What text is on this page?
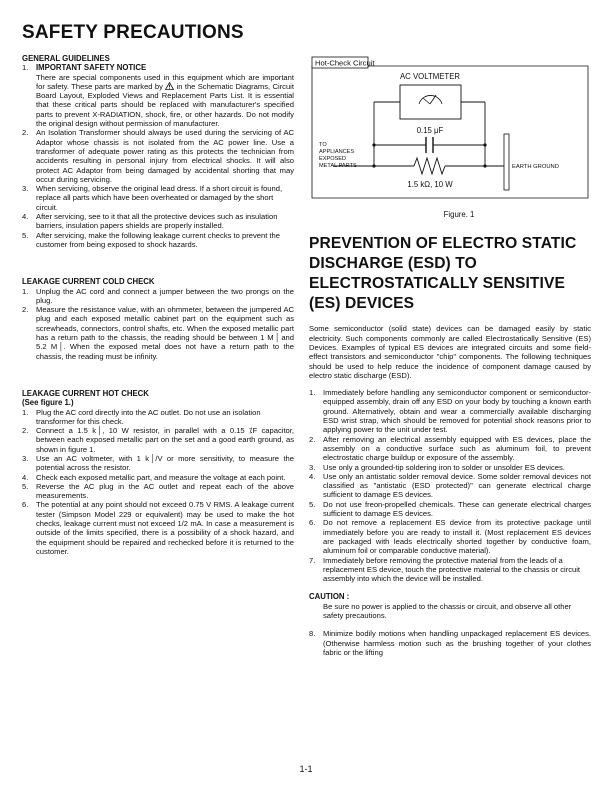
SAFETY PRECAUTIONS
GENERAL GUIDELINES
1. IMPORTANT SAFETY NOTICE
There are special components used in this equipment which are important for safety. These parts are marked by in the Schematic Diagrams, Circuit Board Layout, Exploded Views and Replacement Parts List. It is essential that these critical parts should be replaced with manufacturer's specified parts to prevent X-RADIATION, shock, fire, or other hazards. Do not modify the original design without permission of manufacturer.
2.	An Isolation Transformer should always be used during the servicing of AC Adaptor whose chassis is not isolated from the AC power line. Use a transformer of adequate power rating as this protects the technician from accidents resulting in personal injury from electrical shocks. It will also protect AC Adaptor from being damaged by accidental shorting that may occur during servicing.
3.	When servicing, observe the original lead dress. If a short circuit is found, replace all parts which have been overheated or damaged by the short circuit.
4.	After servicing, see to it that all the protective devices such as insulation barriers, insulation papers shields are properly installed.
5.	After servicing, make the following leakage current checks to prevent the customer from being exposed to shock hazards.
LEAKAGE CURRENT COLD CHECK
1.	Unplug the AC cord and connect a jumper between the two prongs on the plug.
2.	Measure the resistance value, with an ohmmeter, between the jumpered AC plug and each exposed metallic cabinet part on the equipment such as screwheads, connectors, control shafts, etc. When the exposed metallic part has a return path to the chassis, the reading should be between 1 M │ and 5.2 M │. When the exposed metal does not have a return path to the chassis, the reading must be infinity.
LEAKAGE CURRENT HOT CHECK
(See figure 1.)
1.	Plug the AC cord directly into the AC outlet. Do not use an isolation transformer for this check.
2.	Connect a 1.5 k │, 10 W resistor, in parallel with a 0.15 ⁒F capacitor, between each exposed metallic part on the set and a good earth ground, as shown in figure 1.
3.	Use an AC voltmeter, with 1 k │/V or more sensitivity, to measure the potential across the resistor.
4.	Check each exposed metallic part, and measure the voltage at each point.
5.	Reverse the AC plug in the AC outlet and repeat each of the above measurements.
6.	The potential at any point should not exceed 0.75 V RMS. A leakage current tester (Simpson Model 229 or equivalent) may be used to make the hot checks, leakage current must not exceed 1/2 mA. In case a measurement is outside of the limits specified, there is a possibility of a shock hazard, and the equipment should be repaired and rechecked before it is returned to the customer.
Hot-Check Circuit
AC VOLTMETER
0.15 μF
1.5 kΩ, 10 W
TO
APPLIANCES
EXPOSED
METAL PARTS	EARTH GROUND
Figure. 1
PREVENTION OF ELECTRO STATIC DISCHARGE (ESD) TO ELECTROSTATICALLY SENSITIVE (ES) DEVICES
Some semiconductor (solid state) devices can be damaged easily by static electricity. Such components commonly are called Electrostatically Sensitive (ES) Devices. Examples of typical ES devices are integrated circuits and some field-effect transistors and semiconductor "chip" components. The following techniques should be used to help reduce the incidence of component damage caused by electro static discharge (ESD).
1.	Immediately before handling any semiconductor component or semiconductor-equipped assembly, drain off any ESD on your body by touching a known earth ground. Alternatively, obtain and wear a commercially available discharging ESD wrist strap, which should be removed for potential shock reasons prior to applying power to the unit under test.
2.	After removing an electrical assembly equipped with ES devices, place the assembly on a conductive surface such as aluminum foil, to prevent electrostatic charge buildup or exposure of the assembly.
3.	Use only a grounded-tip soldering iron to solder or unsolder ES devices.
4.	Use only an antistatic solder removal device. Some solder removal devices not classified as "antistatic (ESD protected)" can generate electrical charge sufficient to damage ES devices.
5.	Do not use freon-propelled chemicals. These can generate electrical charges sufficient to damage ES devices.
6.	Do not remove a replacement ES device from its protective package until immediately before you are ready to install it. (Most replacement ES devices are packaged with leads electrically shorted together by conductive foam, aluminum foil or comparable conductive material).
7.	Immediately before removing the protective material from the leads of a replacement ES device, touch the protective material to the chassis or circuit assembly into which the device will be installed.
CAUTION :
Be sure no power is applied to the chassis or circuit, and observe all other safety precautions.
8.	Minimize bodily motions when handling unpackaged replacement ES devices. (Otherwise harmless motion such as the brushing together of your clothes fabric or the lifting
1-1
